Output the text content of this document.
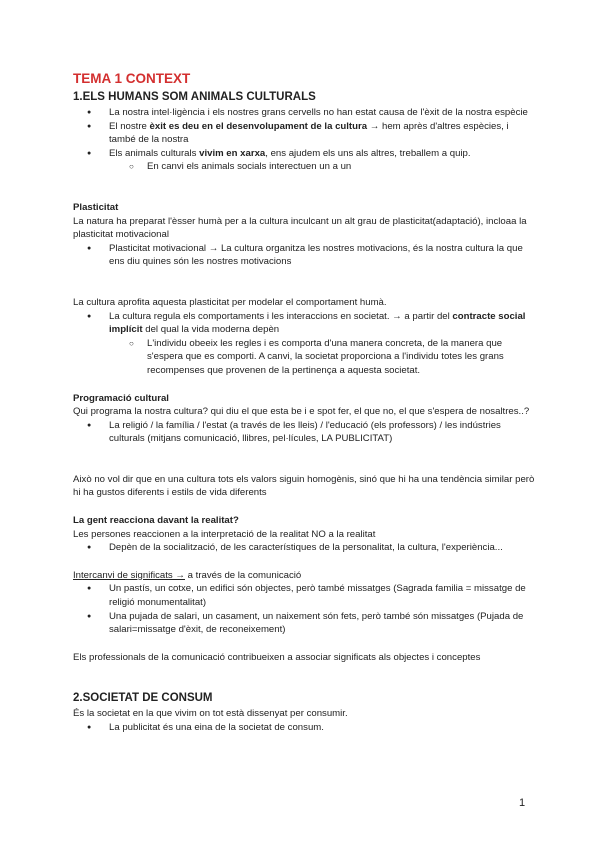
TEMA 1 CONTEXT
1.ELS HUMANS SOM ANIMALS CULTURALS
● La nostra intel·ligència i els nostres grans cervells no han estat causa de l'èxit de la nostra espècie
● El nostre èxit es deu en el desenvolupament de la cultura → hem après d'altres espècies, i també de la nostra
● Els animals culturals vivim en xarxa, ens ajudem els uns als altres, treballem a quip.
○ En canvi els animals socials interectuen un a un
Plasticitat

La natura ha preparat l'èsser humà per a la cultura inculcant un alt grau de plasticitat(adaptació), incloaa la plasticitat motivacional

● Plasticitat motivacional → La cultura organitza les nostres motivacions, és la nostra cultura la que ens diu quines són les nostres motivacions

La cultura aprofita aquesta plasticitat per modelar el comportament humà.

● La cultura regula els comportaments i les interaccions en societat. → a partir del contracte social implícit del qual la vida moderna depèn
○ L'individu obeeix les regles i es comporta d'una manera concreta, de la manera que s'espera que es comporti. A canvi, la societat proporciona a l'individu totes les grans recompenses que provenen de la pertinença a aquesta societat.
Programació cultural

Qui programa la nostra cultura? qui diu el que esta be i e spot fer, el que no, el que s'espera de nosaltres..?

● La religió / la família / l'estat (a través de les lleis) / l'educació (els professors) / les indústries culturals (mitjans comunicació, llibres, pel·lícules, LA PUBLICITAT)

Això no vol dir que en una cultura tots els valors siguin homogènis, sinó que hi ha una tendència similar però hi ha gustos diferents i estils de vida diferents

La gent reacciona davant la realitat?

Les persones reaccionen a la interpretació de la realitat NO a la realitat

● Depèn de la socialització, de les característiques de la personalitat, la cultura, l'experiència...

Intercanvi de significats → a través de la comunicació

● Un pastís, un cotxe, un edifici són objectes, però també missatges (Sagrada familia = missatge de religió monumentalitat)
● Una pujada de salari, un casament, un naixement són fets, però també són missatges (Pujada de salari=missatge d'èxit, de reconeixement)

Els professionals de la comunicació contribueixen a associar significats als objectes i conceptes

2.SOCIETAT DE CONSUM

És la societat en la que vivim on tot està dissenyat per consumir.

● La publicitat és una eina de la societat de consum.
1
